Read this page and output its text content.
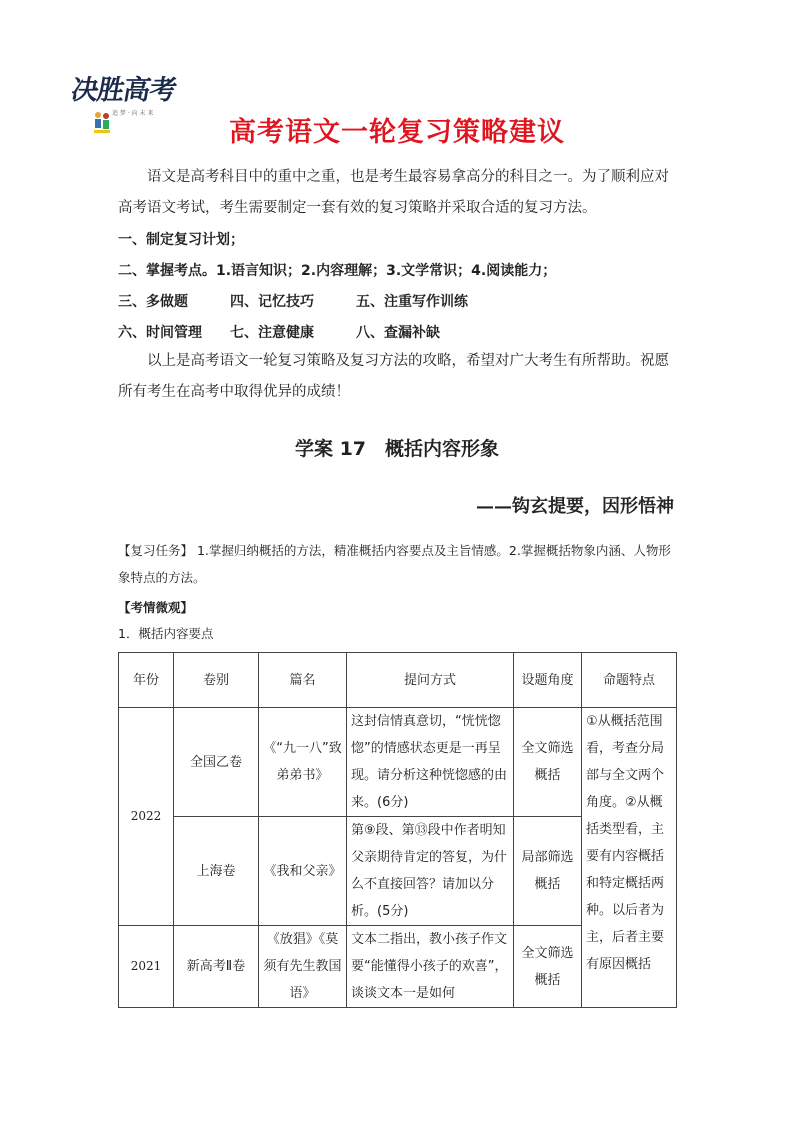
决胜高考
追 梦 · 向 未 来
高考语文一轮复习策略建议
语文是高考科目中的重中之重，也是考生最容易拿高分的科目之一。为了顺利应对高考语文考试，考生需要制定一套有效的复习策略并采取合适的复习方法。
一、制定复习计划；
二、掌握考点。1.语言知识；2.内容理解；3.文学常识；4.阅读能力；
三、多做题	四、记忆技巧	五、注重写作训练
六、时间管理 七、注意健康	八、查漏补缺
以上是高考语文一轮复习策略及复习方法的攻略，希望对广大考生有所帮助。祝愿所有考生在高考中取得优异的成绩！
学案 17　概括内容形象
——钩玄提要，因形悟神
【复习任务】 1.掌握归纳概括的方法，精准概括内容要点及主旨情感。2.掌握概括物象内涵、人物形象特点的方法。
【考情微观】
1．概括内容要点
年份	卷别	篇名	提问方式	设题角度	命题特点
2022	全国乙卷	《“九一八”致弟弟书》	这封信情真意切，“恍恍惚惚”的情感状态更是一再呈现。请分析这种恍惚感的由来。(6分)	全文筛选概括	①从概括范围看，考查分局部与全文两个角度。②从概括类型看，主要有内容概括和特定概括两种。以后者为主，后者主要有原因概括
	上海卷	《我和父亲》	第⑨段、第⑬段中作者明知父亲期待肯定的答复，为什么不直接回答？请加以分析。(5分)	局部筛选概括	
2021	新高考Ⅱ卷	《放猖》《莫须有先生教国语》	文本二指出，教小孩子作文要“能懂得小孩子的欢喜”，谈谈文本一是如何	全文筛选概括	
